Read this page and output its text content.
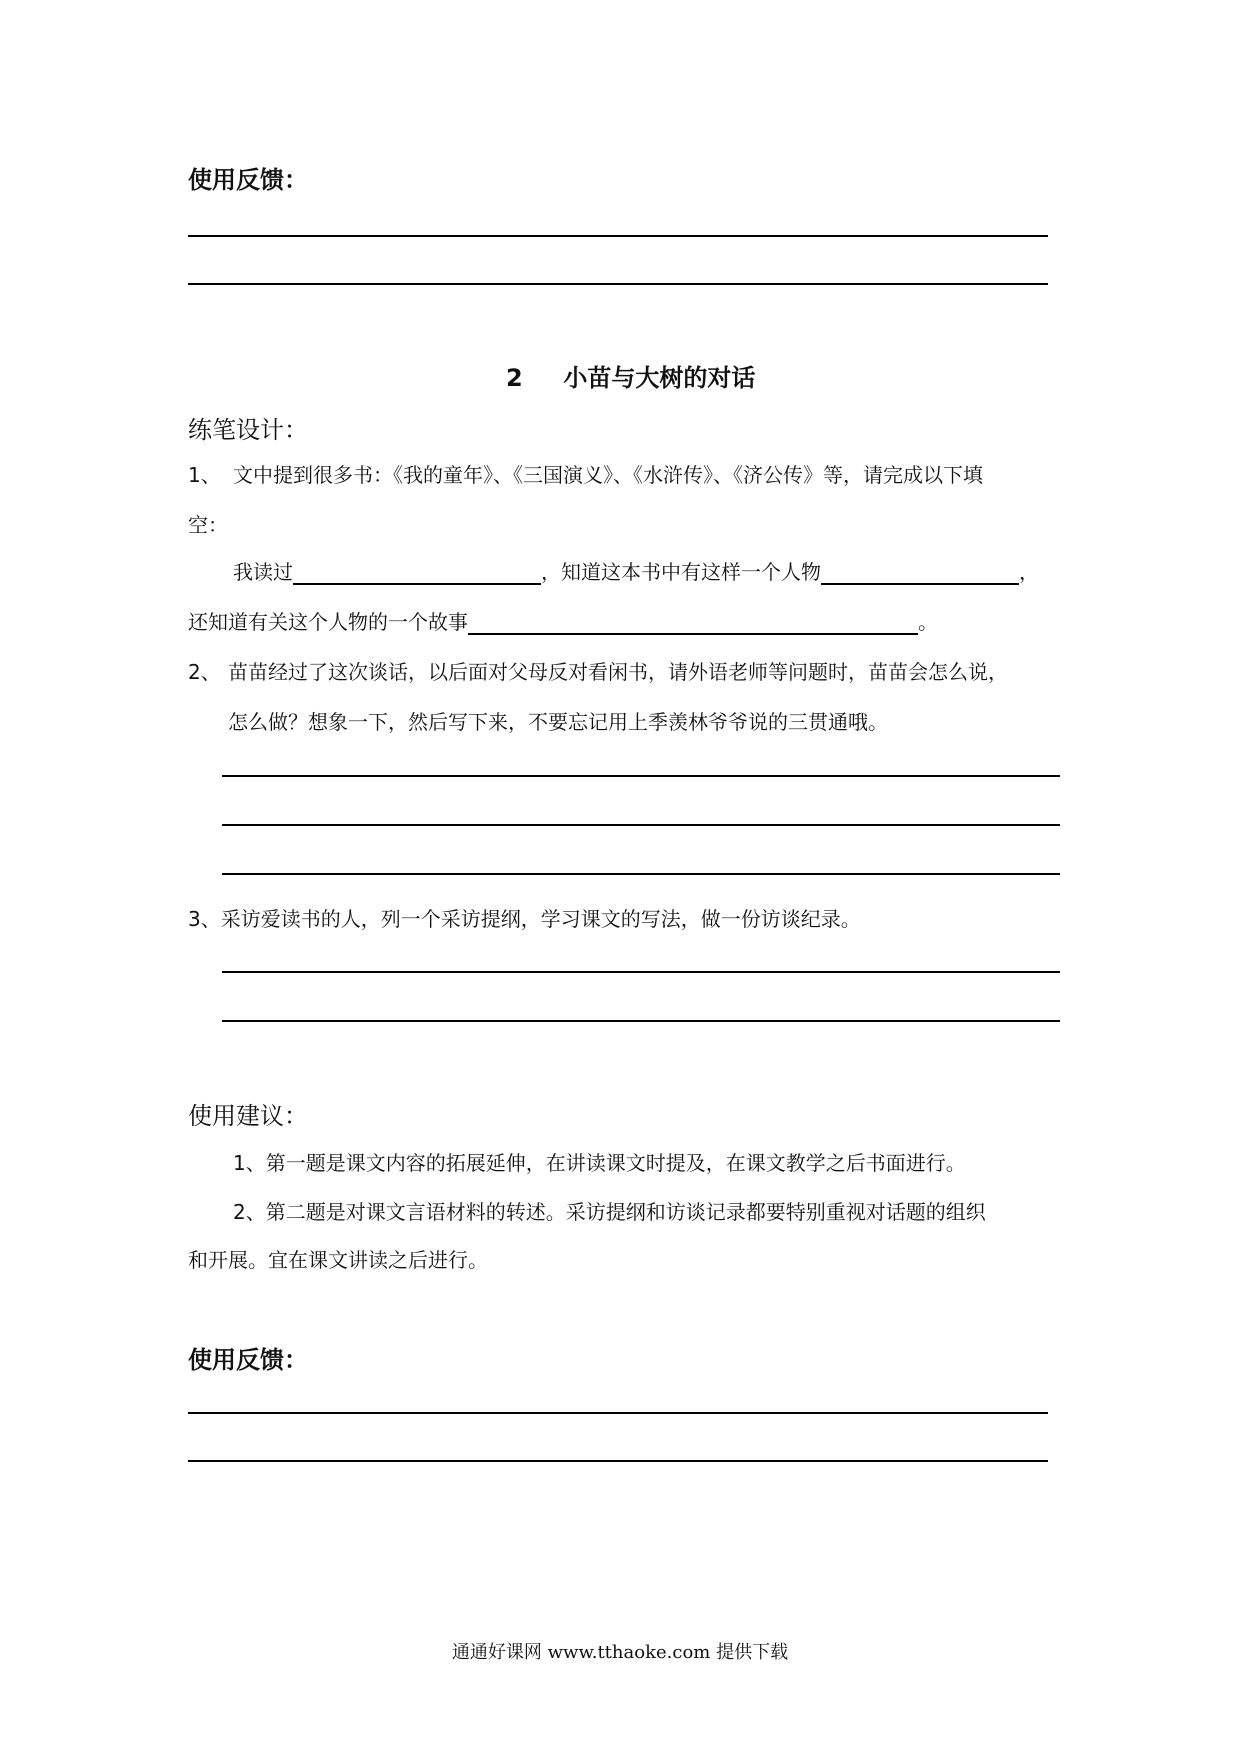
使用反馈：
2 小苗与大树的对话
练笔设计：
1、 文中提到很多书：《我的童年》、《三国演义》、《水浒传》、《济公传》等，请完成以下填
空：
我读过	，知道这本书中有这样一个人物	，
还知道有关这个人物的一个故事	。
2、 苗苗经过了这次谈话，以后面对父母反对看闲书，请外语老师等问题时，苗苗会怎么说，
怎么做？想象一下，然后写下来，不要忘记用上季羡林爷爷说的三贯通哦。
3、采访爱读书的人，列一个采访提纲，学习课文的写法，做一份访谈纪录。
使用建议：
1、第一题是课文内容的拓展延伸，在讲读课文时提及，在课文教学之后书面进行。
2、第二题是对课文言语材料的转述。采访提纲和访谈记录都要特别重视对话题的组织
和开展。宜在课文讲读之后进行。
使用反馈：
通通好课网 www.tthaoke.com 提供下载
